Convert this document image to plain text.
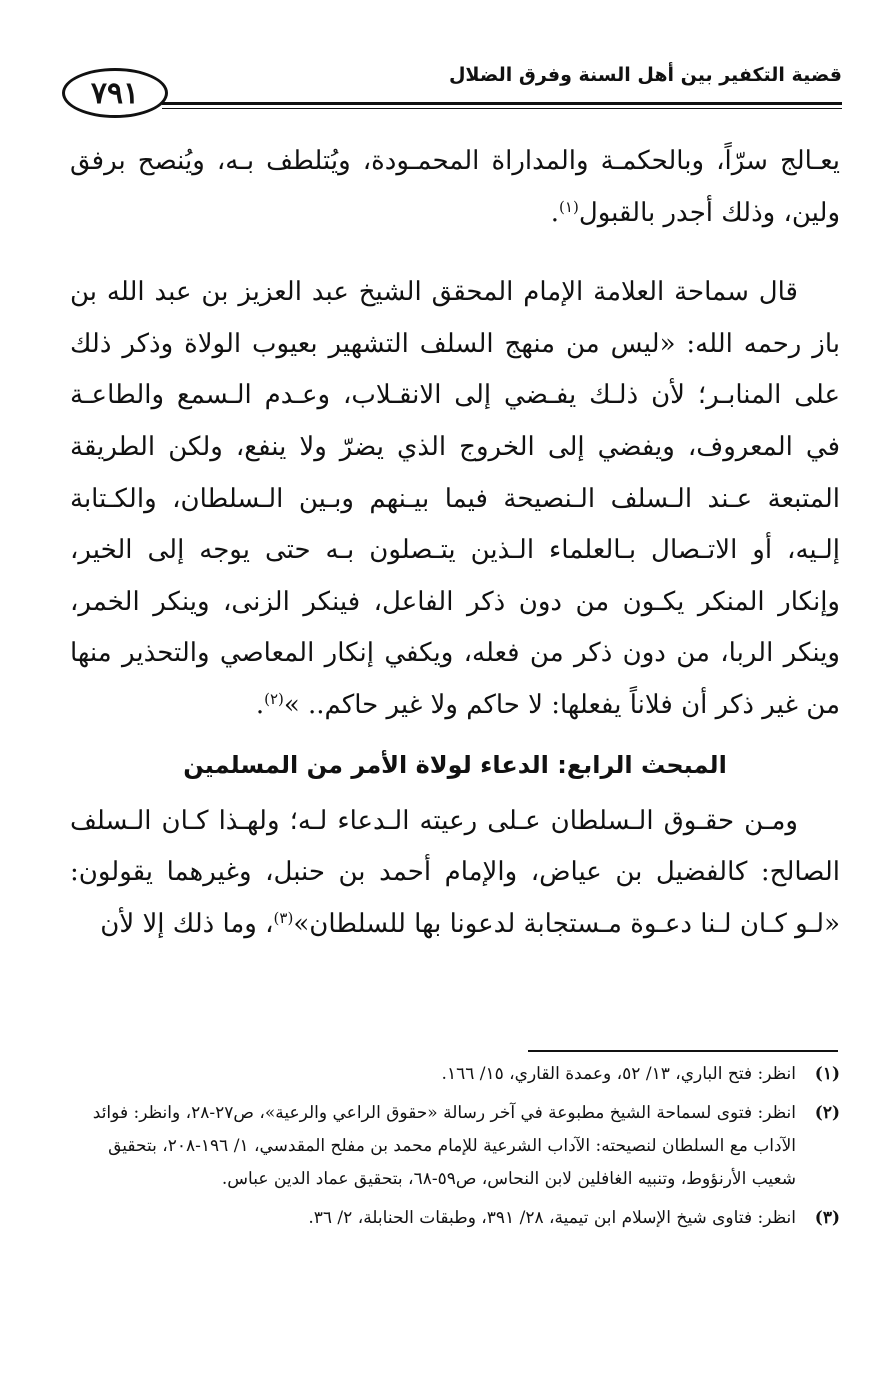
٧٩١
قضية التكفير بين أهل السنة وفرق الضلال

يعـالج سرّاً، وبالحكمـة والمداراة المحمـودة، ويُتلطف بـه، ويُنصح برفق ولين، وذلك أجدر بالقبول$^{(١)}$.

قال سماحة العلامة الإمام المحقق الشيخ عبد العزيز بن عبد الله بن باز رحمه الله: «ليس من منهج السلف التشهير بعيوب الولاة وذكر ذلك على المنابـر؛ لأن ذلـك يفـضي إلى الانقـلاب، وعـدم الـسمع والطاعـة في المعروف، ويفضي إلى الخروج الذي يضرّ ولا ينفع، ولكن الطريقة المتبعة عـند الـسلف الـنصيحة فيما بيـنهم وبـين الـسلطان، والكـتابة إلـيه، أو الاتـصال بـالعلماء الـذين يتـصلون بـه حتى يوجه إلى الخير، وإنكار المنكر يكـون من دون ذكر الفاعل، فينكر الزنى، وينكر الخمر، وينكر الربا، من دون ذكر من فعله، ويكفي إنكار المعاصي والتحذير منها من غير ذكر أن فلاناً يفعلها: لا حاكم ولا غير حاكم.. »$^{(٢)}$.

المبحث الرابع: الدعاء لولاة الأمر من المسلمين

ومـن حقـوق الـسلطان عـلى رعيته الـدعاء لـه؛ ولهـذا كـان الـسلف الصالح: كالفضيل بن عياض، والإمام أحمد بن حنبل، وغيرهما يقولون: «لـو كـان لـنا دعـوة مـستجابة لدعونا بها للسلطان»$^{(٣)}$، وما ذلك إلا لأن

(١)
انظر: فتح الباري، ١٣/ ٥٢، وعمدة القاري، ١٥/ ١٦٦.
(٢)
انظر: فتوى لسماحة الشيخ مطبوعة في آخر رسالة «حقوق الراعي والرعية»، ص٢٧-٢٨، وانظر: فوائد الآداب مع السلطان لنصيحته: الآداب الشرعية للإمام محمد بن مفلح المقدسي، ١/ ١٩٦-٢٠٨، بتحقيق شعيب الأرنؤوط، وتنبيه الغافلين لابن النحاس، ص٥٩-٦٨، بتحقيق عماد الدين عباس.
(٣)
انظر: فتاوى شيخ الإسلام ابن تيمية، ٢٨/ ٣٩١، وطبقات الحنابلة، ٢/ ٣٦.
